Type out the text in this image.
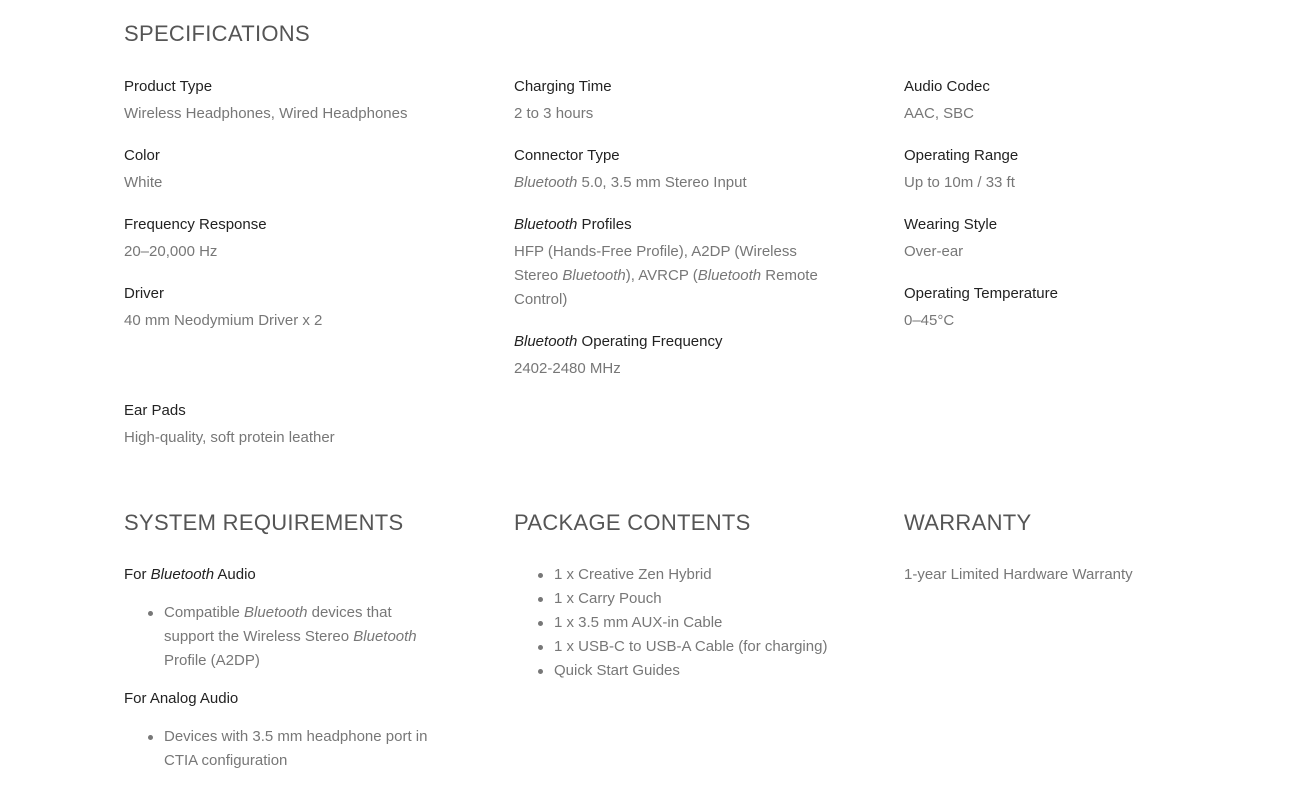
SPECIFICATIONS

Product Type

Wireless Headphones, Wired Headphones

Color

White

Frequency Response

20–20,000 Hz

Driver

40 mm Neodymium Driver x 2

Ear Pads

High-quality, soft protein leather

Charging Time

2 to 3 hours

Connector Type

Bluetooth 5.0, 3.5 mm Stereo Input

Bluetooth Profiles

HFP (Hands-Free Profile), A2DP (Wireless Stereo Bluetooth), AVRCP (Bluetooth Remote Control)

Bluetooth Operating Frequency

2402-2480 MHz

Audio Codec

AAC, SBC

Operating Range

Up to 10m / 33 ft

Wearing Style

Over-ear

Operating Temperature

0–45°C

SYSTEM REQUIREMENTS

For Bluetooth Audio

Compatible Bluetooth devices that support the Wireless Stereo Bluetooth Profile (A2DP)

For Analog Audio

Devices with 3.5 mm headphone port in CTIA configuration
PACKAGE CONTENTS
1 x Creative Zen Hybrid
1 x Carry Pouch
1 x 3.5 mm AUX-in Cable
1 x USB-C to USB-A Cable (for charging)
Quick Start Guides
WARRANTY

1-year Limited Hardware Warranty
